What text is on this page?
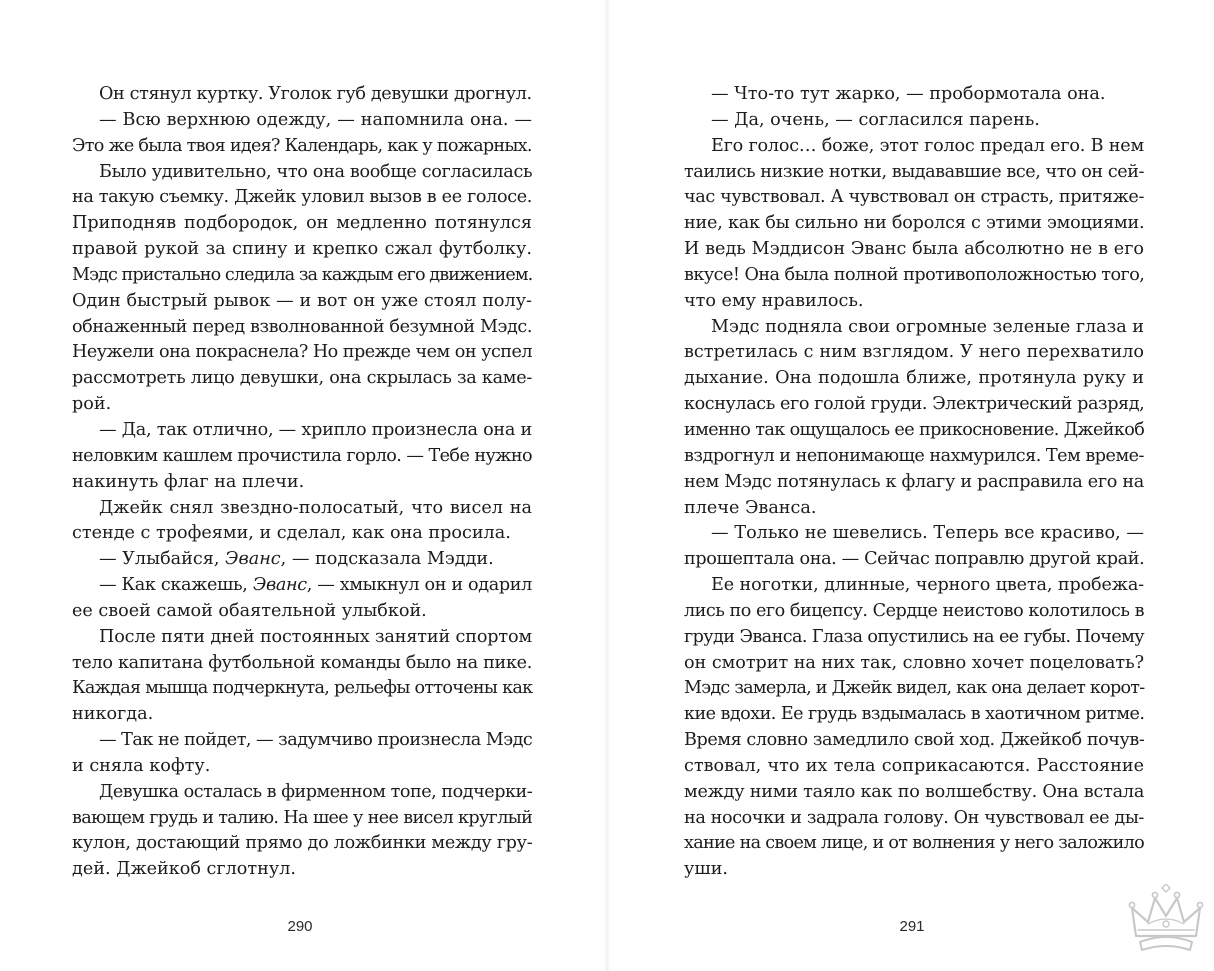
Он стянул куртку. Уголок губ девушки дрогнул.
— Всю верхнюю одежду, — напомнила она. —
Это же была твоя идея? Календарь, как у пожарных.
Было удивительно, что она вообще согласилась
на такую съемку. Джейк уловил вызов в ее голосе.
Приподняв подбородок, он медленно потянулся
правой рукой за спину и крепко сжал футболку.
Мэдс пристально следила за каждым его движением.
Один быстрый рывок — и вот он уже стоял полу-
обнаженный перед взволнованной безумной Мэдс.
Неужели она покраснела? Но прежде чем он успел
рассмотреть лицо девушки, она скрылась за каме-
рой.
— Да, так отлично, — хрипло произнесла она и
неловким кашлем прочистила горло. — Тебе нужно
накинуть флаг на плечи.
Джейк снял звездно-полосатый, что висел на
стенде с трофеями, и сделал, как она просила.
— Улыбайся, Эванс, — подсказала Мэдди.
— Как скажешь, Эванс, — хмыкнул он и одарил
ее своей самой обаятельной улыбкой.
После пяти дней постоянных занятий спортом
тело капитана футбольной команды было на пике.
Каждая мышца подчеркнута, рельефы отточены как
никогда.
— Так не пойдет, — задумчиво произнесла Мэдс
и сняла кофту.
Девушка осталась в фирменном топе, подчерки-
вающем грудь и талию. На шее у нее висел круглый
кулон, достающий прямо до ложбинки между гру-
дей. Джейкоб сглотнул.
290
— Что-то тут жарко, — пробормотала она.
— Да, очень, — согласился парень.
Его голос… боже, этот голос предал его. В нем
таились низкие нотки, выдававшие все, что он сей-
час чувствовал. А чувствовал он страсть, притяже-
ние, как бы сильно ни боролся с этими эмоциями.
И ведь Мэддисон Эванс была абсолютно не в его
вкусе! Она была полной противоположностью того,
что ему нравилось.
Мэдс подняла свои огромные зеленые глаза и
встретилась с ним взглядом. У него перехватило
дыхание. Она подошла ближе, протянула руку и
коснулась его голой груди. Электрический разряд,
именно так ощущалось ее прикосновение. Джейкоб
вздрогнул и непонимающе нахмурился. Тем време-
нем Мэдс потянулась к флагу и расправила его на
плече Эванса.
— Только не шевелись. Теперь все красиво, —
прошептала она. — Сейчас поправлю другой край.
Ее ноготки, длинные, черного цвета, пробежа-
лись по его бицепсу. Сердце неистово колотилось в
груди Эванса. Глаза опустились на ее губы. Почему
он смотрит на них так, словно хочет поцеловать?
Мэдс замерла, и Джейк видел, как она делает корот-
кие вдохи. Ее грудь вздымалась в хаотичном ритме.
Время словно замедлило свой ход. Джейкоб почув-
ствовал, что их тела соприкасаются. Расстояние
между ними таяло как по волшебству. Она встала
на носочки и задрала голову. Он чувствовал ее ды-
хание на своем лице, и от волнения у него заложило
уши.
291
